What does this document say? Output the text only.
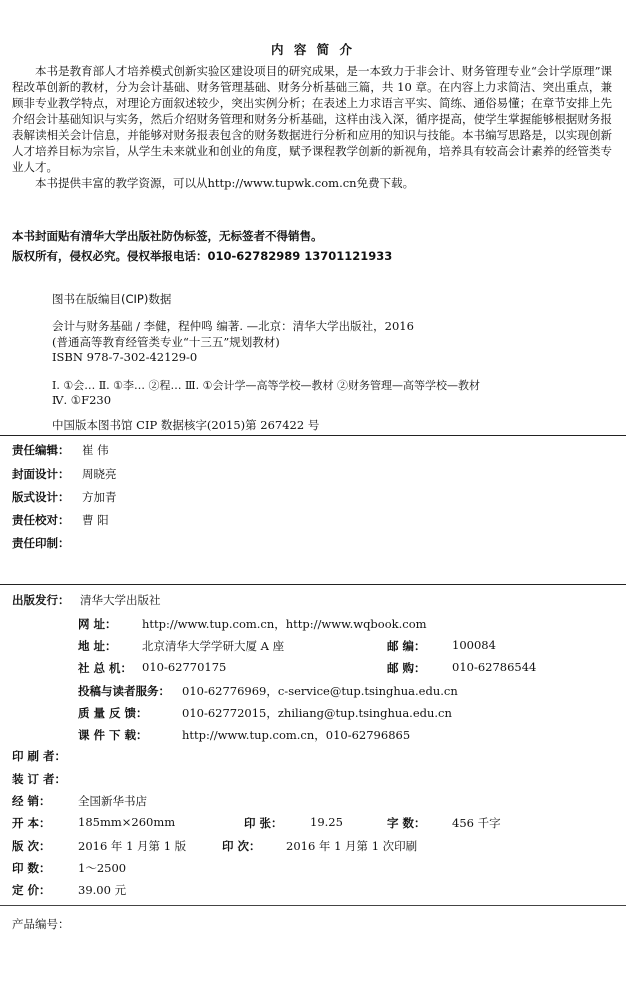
内 容 简 介

本书是教育部人才培养模式创新实验区建设项目的研究成果，是一本致力于非会计、财务管理专业“会计学原理”课程改革创新的教材，分为会计基础、财务管理基础、财务分析基础三篇，共 10 章。在内容上力求简洁、突出重点，兼顾非专业教学特点，对理论方面叙述较少，突出实例分析；在表述上力求语言平实、简练、通俗易懂；在章节安排上先介绍会计基础知识与实务，然后介绍财务管理和财务分析基础，这样由浅入深，循序提高，使学生掌握能够根据财务报表解读相关会计信息，并能够对财务报表包含的财务数据进行分析和应用的知识与技能。本书编写思路是，以实现创新人才培养目标为宗旨，从学生未来就业和创业的角度，赋予课程教学创新的新视角，培养具有较高会计素养的经管类专业人才。

本书提供丰富的教学资源，可以从http://www.tupwk.com.cn免费下载。

本书封面贴有清华大学出版社防伪标签，无标签者不得销售。
版权所有，侵权必究。侵权举报电话：010-62782989 13701121933
图书在版编目(CIP)数据
会计与财务基础 / 李健，程仲鸣 编著. —北京：清华大学出版社，2016
(普通高等教育经管类专业“十三五”规划教材)
ISBN 978-7-302-42129-0
Ⅰ. ①会… Ⅱ. ①李… ②程… Ⅲ. ①会计学—高等学校—教材 ②财务管理—高等学校—教材
Ⅳ. ①F230
中国版本图书馆 CIP 数据核字(2015)第 267422 号
责任编辑： 崔 伟
封面设计： 周晓亮
版式设计： 方加青
责任校对： 曹 阳
责任印制：
出版发行： 清华大学出版社
网 址： http://www.tup.com.cn，http://www.wqbook.com
地 址： 北京清华大学学研大厦 A 座	邮 编： 100084
社 总 机： 010-62770175	邮 购： 010-62786544
投稿与读者服务： 010-62776969，c-service@tup.tsinghua.edu.cn
质 量 反 馈：	010-62772015，zhiliang@tup.tsinghua.edu.cn
课 件 下 载：	http://www.tup.com.cn，010-62796865
印 刷 者：
装 订 者：
经 销： 全国新华书店
开 本： 185mm×260mm	印 张： 19.25	字 数： 456 千字
版 次： 2016 年 1 月第 1 版	印 次： 2016 年 1 月第 1 次印刷
印 数： 1～2500
定 价： 39.00 元
产品编号：
